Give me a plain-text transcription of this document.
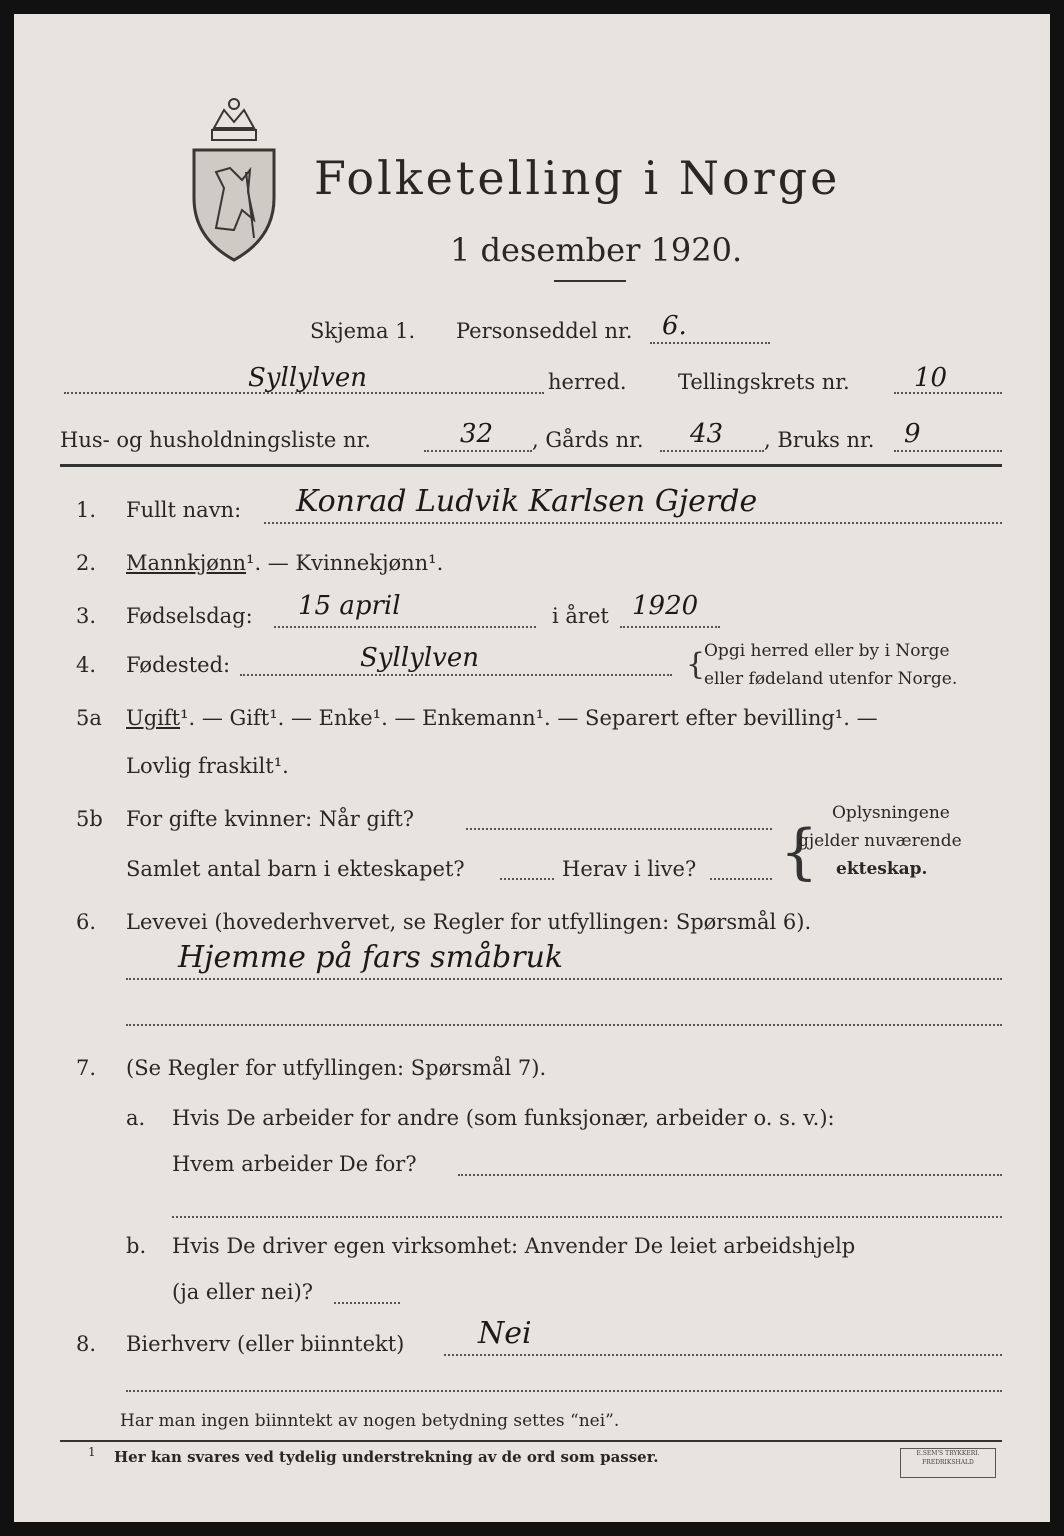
Folketelling i Norge
1 desember 1920.
Skjema 1. Personseddel nr. 6.
Syllylven	herred. Tellingskrets nr. 10
Hus- og husholdningsliste nr.	32 , Gårds nr. 43 , Bruks nr. 9
1. Fullt navn: Konrad Ludvik Karlsen Gjerde
2. Mannkjønn¹. — Kvinnekjønn¹.
3. Fødselsdag: 15 april	i året 1920
4. Fødested:	Syllylven	{
Opgi herred eller by i Norge
eller fødeland utenfor Norge.
5a Ugift¹. — Gift¹. — Enke¹. — Enkemann¹. — Separert efter bevilling¹. —
Lovlig fraskilt¹.
5b For gifte kvinner: Når gift?
Samlet antal barn i ekteskapet?	Herav i live? {
Oplysningene
gjelder nuværende
ekteskap.
6. Levevei (hovederhvervet, se Regler for utfyllingen: Spørsmål 6).
Hjemme på fars småbruk
7. (Se Regler for utfyllingen: Spørsmål 7).
a. Hvis De arbeider for andre (som funksjonær, arbeider o. s. v.):
Hvem arbeider De for?
b. Hvis De driver egen virksomhet: Anvender De leiet arbeidshjelp
(ja eller nei)?
8. Bierhverv (eller biinntekt) Nei
Har man ingen biinntekt av nogen betydning settes “nei”.
1 Her kan svares ved tydelig understrekning av de ord som passer.	E.SEM'S TRYKKERI. FREDRIKSHALD
